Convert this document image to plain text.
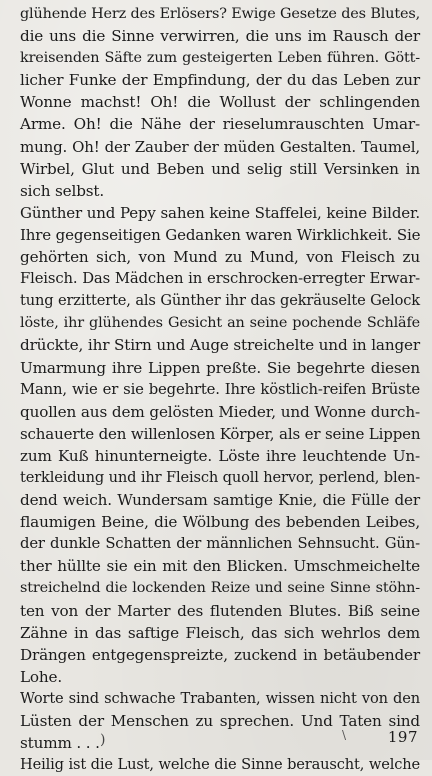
glühende Herz des Erlösers? Ewige Gesetze des Blutes,
die uns die Sinne verwirren, die uns im Rausch der
kreisenden Säfte zum gesteigerten Leben führen. Gött-
licher Funke der Empfindung, der du das Leben zur
Wonne machst! Oh! die Wollust der schlingenden
Arme. Oh! die Nähe der rieselumrauschten Umar-
mung. Oh! der Zauber der müden Gestalten. Taumel,
Wirbel, Glut und Beben und selig still Versinken in
sich selbst.
Günther und Pepy sahen keine Staffelei, keine Bilder.
Ihre gegenseitigen Gedanken waren Wirklichkeit. Sie
gehörten sich, von Mund zu Mund, von Fleisch zu
Fleisch. Das Mädchen in erschrocken-erregter Erwar-
tung erzitterte, als Günther ihr das gekräuselte Gelock
löste, ihr glühendes Gesicht an seine pochende Schläfe
drückte, ihr Stirn und Auge streichelte und in langer
Umarmung ihre Lippen preßte. Sie begehrte diesen
Mann, wie er sie begehrte. Ihre köstlich-reifen Brüste
quollen aus dem gelösten Mieder, und Wonne durch-
schauerte den willenlosen Körper, als er seine Lippen
zum Kuß hinunterneigte. Löste ihre leuchtende Un-
terkleidung und ihr Fleisch quoll hervor, perlend, blen-
dend weich. Wundersam samtige Knie, die Fülle der
flaumigen Beine, die Wölbung des bebenden Leibes,
der dunkle Schatten der männlichen Sehnsucht. Gün-
ther hüllte sie ein mit den Blicken. Umschmeichelte
streichelnd die lockenden Reize und seine Sinne stöhn-
ten von der Marter des flutenden Blutes. Biß seine
Zähne in das saftige Fleisch, das sich wehrlos dem
Drängen entgegenspreizte, zuckend in betäubender
Lohe.
Worte sind schwache Trabanten, wissen nicht von den
Lüsten der Menschen zu sprechen. Und Taten sind
stumm . . .
Heilig ist die Lust, welche die Sinne berauscht, welche
)	\	197
